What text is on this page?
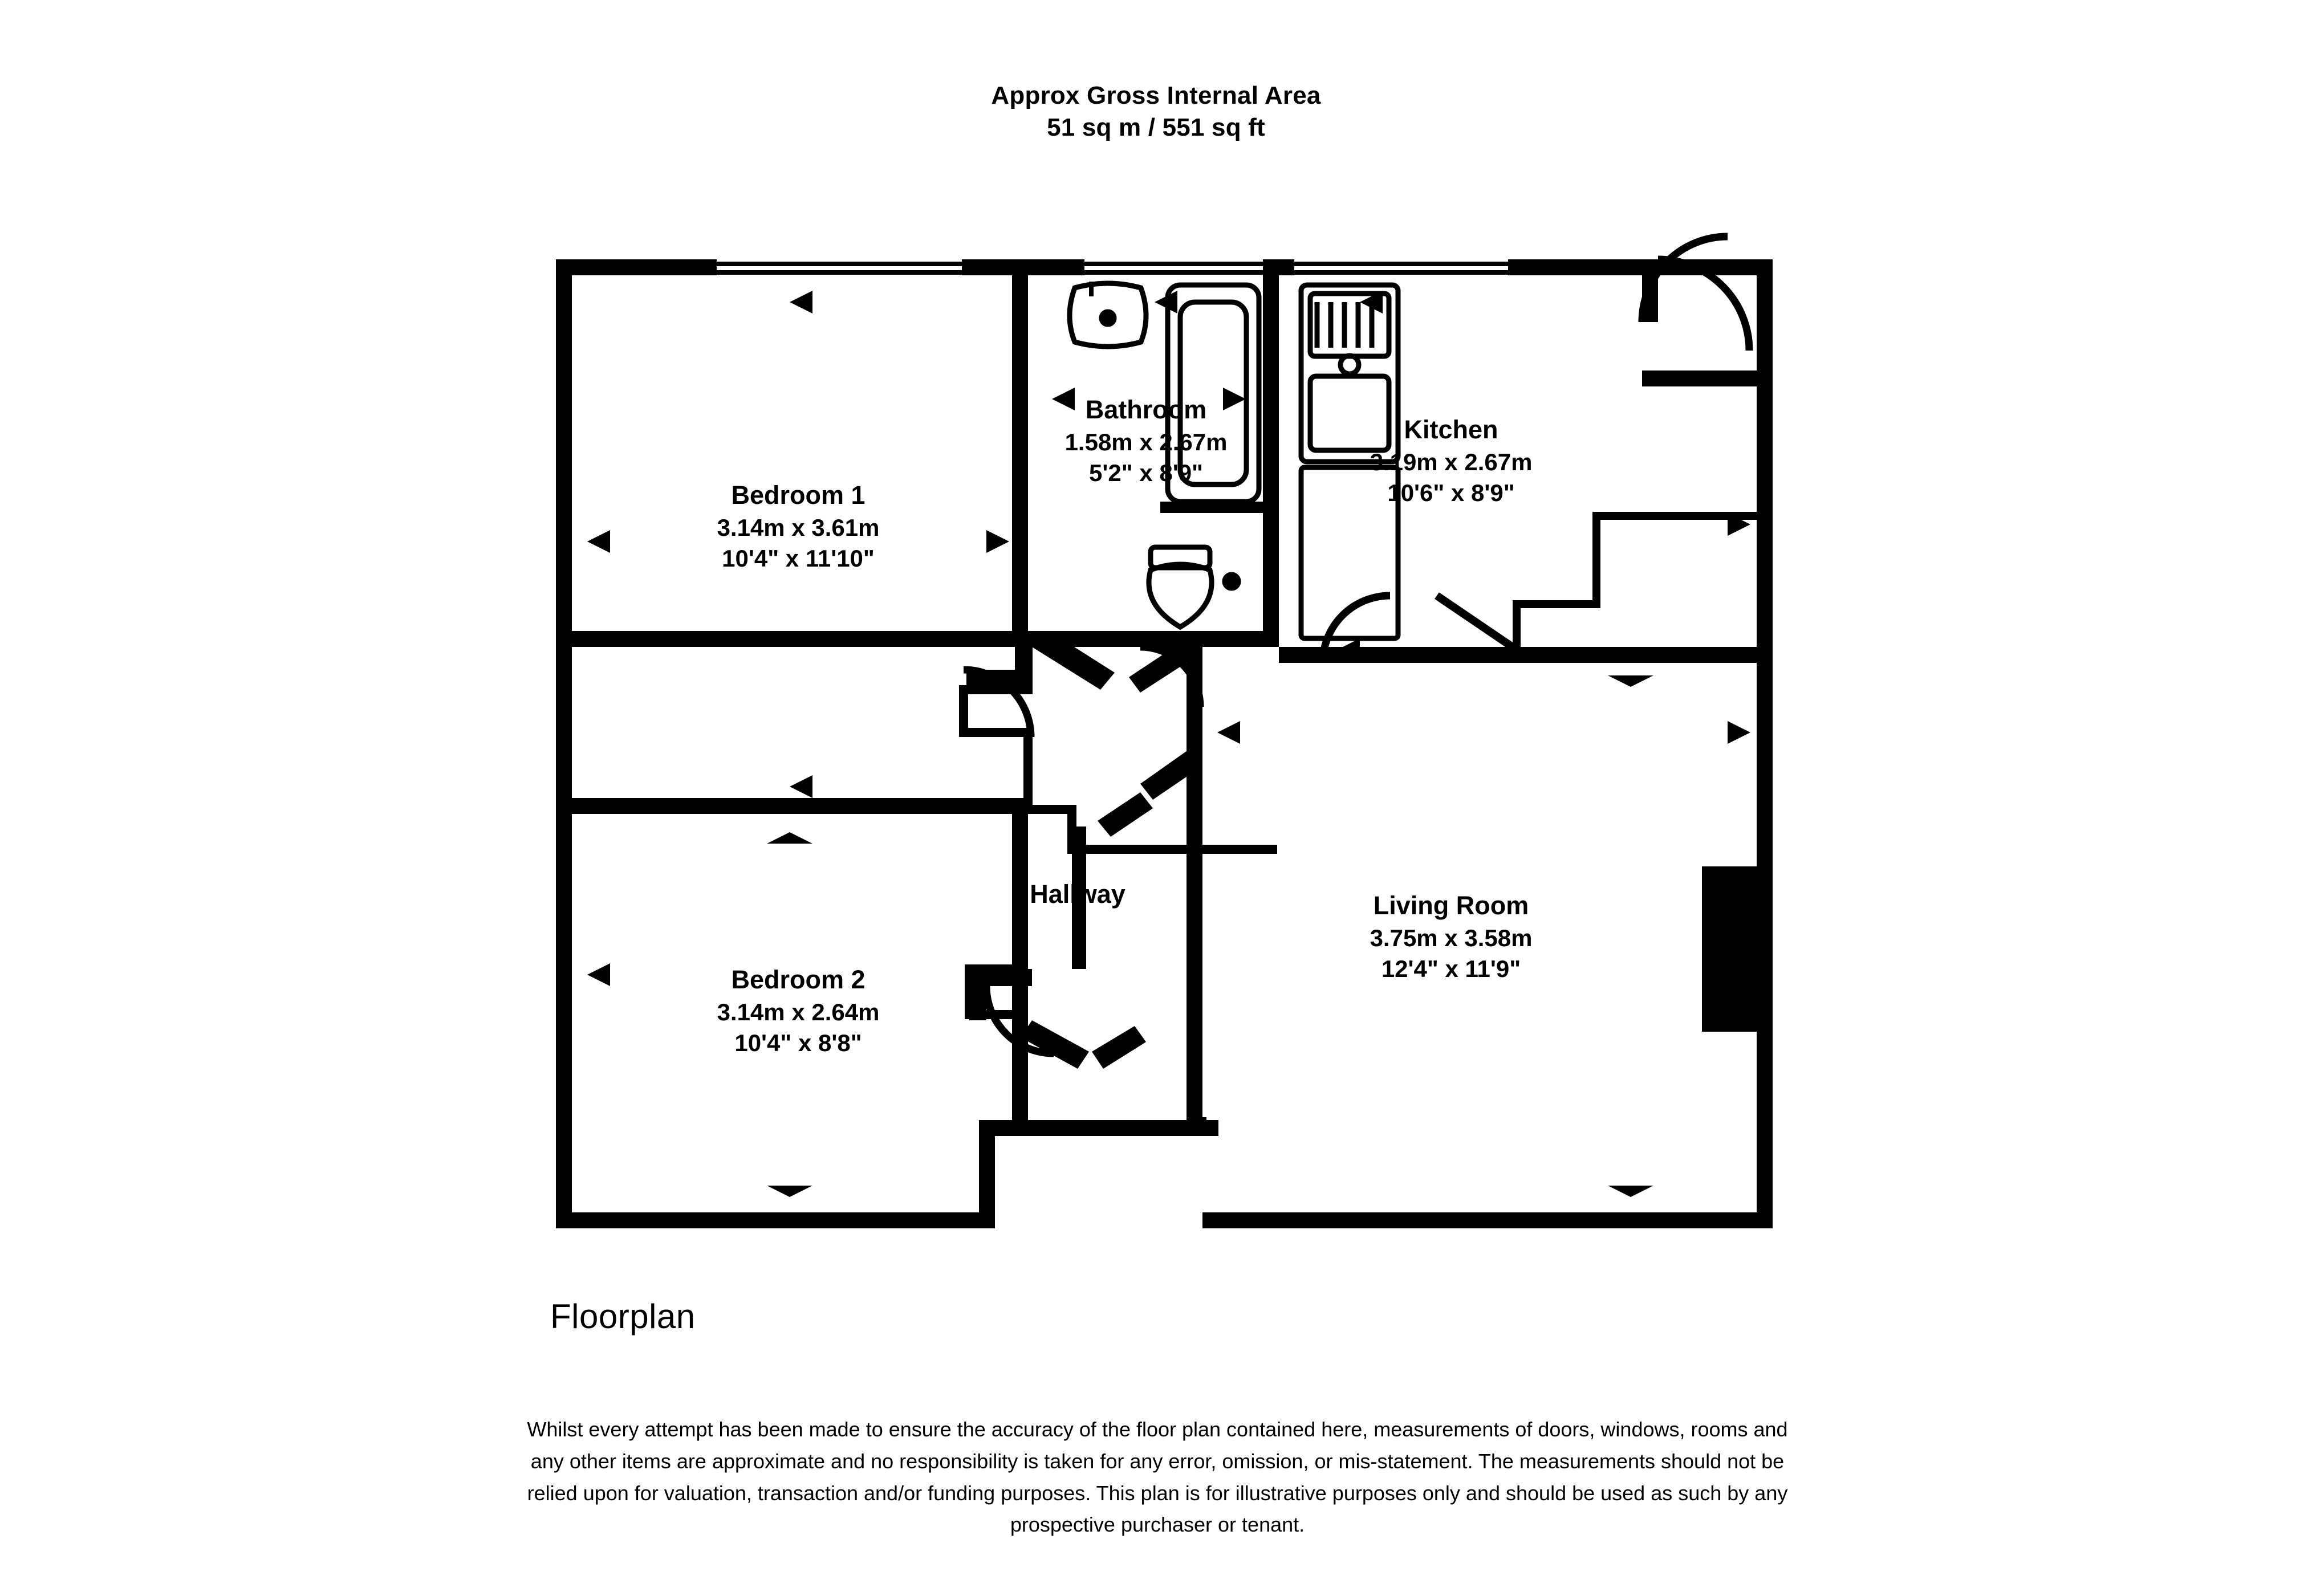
Approx Gross Internal Area
51 sq m / 551 sq ft
Bedroom 1
3.14m x 3.61m
10'4" x 11'10"
Bathroom
1.58m x 2.67m
5'2" x 8'9"
Kitchen
3.19m x 2.67m
10'6" x 8'9"
Bedroom 2
3.14m x 2.64m
10'4" x 8'8"
Living Room
3.75m x 3.58m
12'4" x 11'9"
Hallway
Floorplan
Whilst every attempt has been made to ensure the accuracy of the floor plan contained here, measurements of doors, windows, rooms and
any other items are approximate and no responsibility is taken for any error, omission, or mis-statement. The measurements should not be
relied upon for valuation, transaction and/or funding purposes. This plan is for illustrative purposes only and should be used as such by any
prospective purchaser or tenant.
